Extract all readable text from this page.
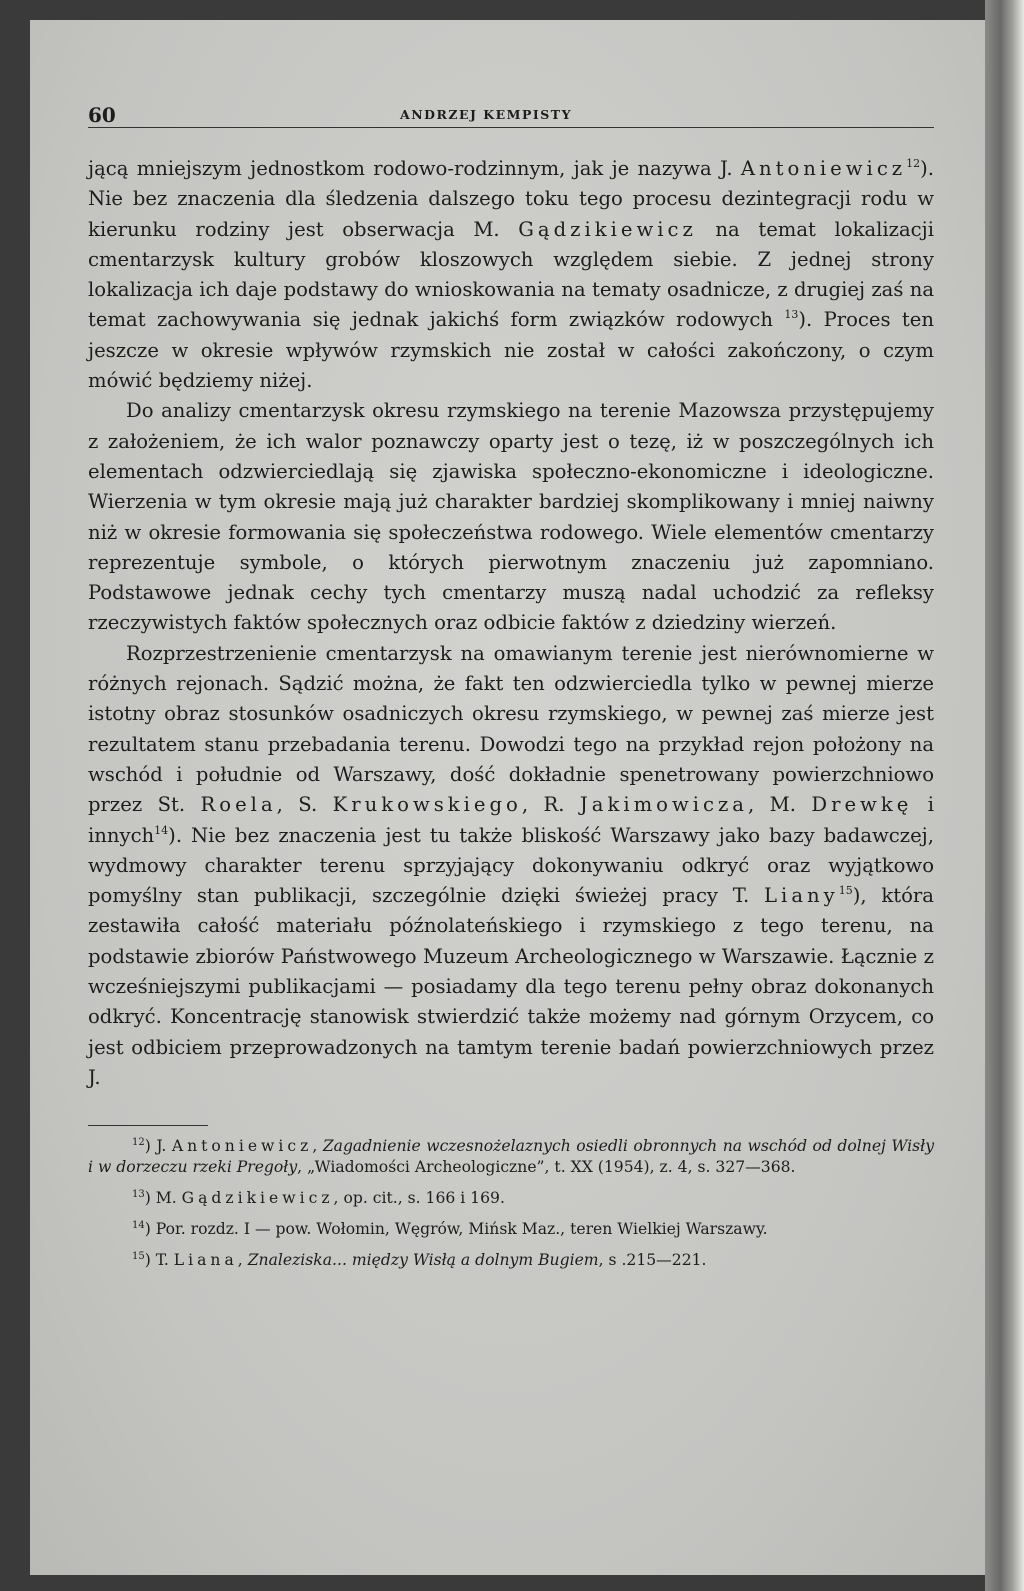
60	ANDRZEJ KEMPISTY

jącą mniejszym jednostkom rodowo-rodzinnym, jak je nazywa J. Antoniewicz$^{12}$). Nie bez znaczenia dla śledzenia dalszego toku tego procesu dezintegracji rodu w kierunku rodziny jest obserwacja M. Gądzikiewicz na temat lokalizacji cmentarzysk kultury grobów kloszowych względem siebie. Z jednej strony lokalizacja ich daje podstawy do wnioskowania na tematy osadnicze, z drugiej zaś na temat zachowywania się jednak jakichś form związków rodowych $^{13}$). Proces ten jeszcze w okresie wpływów rzymskich nie został w całości zakończony, o czym mówić będziemy niżej.

Do analizy cmentarzysk okresu rzymskiego na terenie Mazowsza przystępujemy z założeniem, że ich walor poznawczy oparty jest o tezę, iż w poszczególnych ich elementach odzwierciedlają się zjawiska społeczno-ekonomiczne i ideologiczne. Wierzenia w tym okresie mają już charakter bardziej skomplikowany i mniej naiwny niż w okresie formowania się społeczeństwa rodowego. Wiele elementów cmentarzy reprezentuje symbole, o których pierwotnym znaczeniu już zapomniano. Podstawowe jednak cechy tych cmentarzy muszą nadal uchodzić za refleksy rzeczywistych faktów społecznych oraz odbicie faktów z dziedziny wierzeń.

Rozprzestrzenienie cmentarzysk na omawianym terenie jest nierównomierne w różnych rejonach. Sądzić można, że fakt ten odzwierciedla tylko w pewnej mierze istotny obraz stosunków osadniczych okresu rzymskiego, w pewnej zaś mierze jest rezultatem stanu przebadania terenu. Dowodzi tego na przykład rejon położony na wschód i południe od Warszawy, dość dokładnie spenetrowany powierzchniowo przez St. Roela, S. Krukowskiego, R. Jakimowicza, M. Drewkę i innych$^{14}$). Nie bez znaczenia jest tu także bliskość Warszawy jako bazy badawczej, wydmowy charakter terenu sprzyjający dokonywaniu odkryć oraz wyjątkowo pomyślny stan publikacji, szczególnie dzięki świeżej pracy T. Liany$^{15}$), która zestawiła całość materiału późnolateńskiego i rzymskiego z tego terenu, na podstawie zbiorów Państwowego Muzeum Archeologicznego w Warszawie. Łącznie z wcześniejszymi publikacjami — posiadamy dla tego terenu pełny obraz dokonanych odkryć. Koncentrację stanowisk stwierdzić także możemy nad górnym Orzycem, co jest odbiciem przeprowadzonych na tamtym terenie badań powierzchniowych przez J.

$^{12}$) J. Antoniewicz, Zagadnienie wczesnożelaznych osiedli obronnych na wschód od dolnej Wisły i w dorzeczu rzeki Pregoły, „Wiadomości Archeologiczne”, t. XX (1954), z. 4, s. 327—368.

$^{13}$) M. Gądzikiewicz, op. cit., s. 166 i 169.

$^{14}$) Por. rozdz. I — pow. Wołomin, Węgrów, Mińsk Maz., teren Wielkiej Warszawy.

$^{15}$) T. Liana, Znaleziska... między Wisłą a dolnym Bugiem, s .215—221.
